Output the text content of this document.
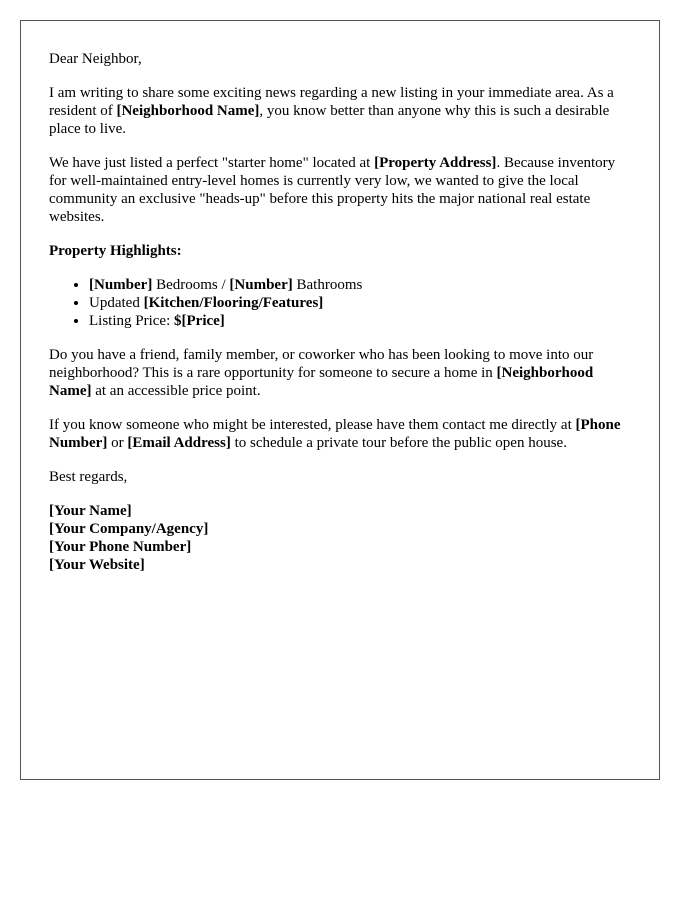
Dear Neighbor,

I am writing to share some exciting news regarding a new listing in your immediate area. As a resident of [Neighborhood Name], you know better than anyone why this is such a desirable place to live.

We have just listed a perfect "starter home" located at [Property Address]. Because inventory for well-maintained entry-level homes is currently very low, we wanted to give the local community an exclusive "heads-up" before this property hits the major national real estate websites.

Property Highlights:

• [Number] Bedrooms / [Number] Bathrooms
• Updated [Kitchen/Flooring/Features]
• Listing Price: $[Price]

Do you have a friend, family member, or coworker who has been looking to move into our neighborhood? This is a rare opportunity for someone to secure a home in [Neighborhood Name] at an accessible price point.

If you know someone who might be interested, please have them contact me directly at [Phone Number] or [Email Address] to schedule a private tour before the public open house.

Best regards,

[Your Name]
[Your Company/Agency]
[Your Phone Number]
[Your Website]
